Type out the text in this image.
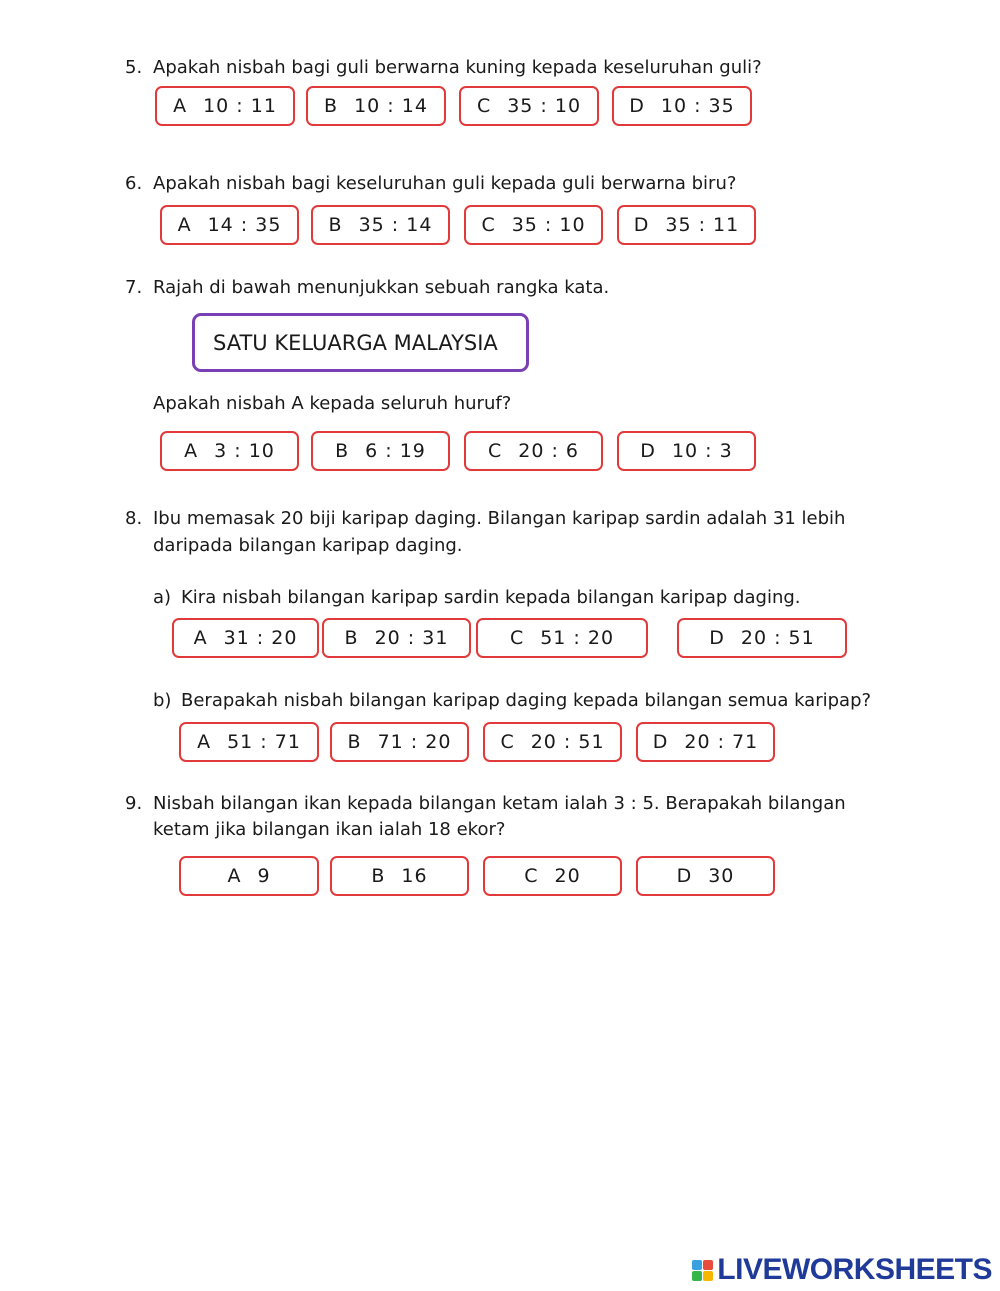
5. Apakah nisbah bagi guli berwarna kuning kepada keseluruhan guli?
A 10 : 11 B 10 : 14	C 35 : 10	D 10 : 35
6. Apakah nisbah bagi keseluruhan guli kepada guli berwarna biru?
A 14 : 35 B 35 : 14	C 35 : 10	D 35 : 11
7. Rajah di bawah menunjukkan sebuah rangka kata.
SATU KELUARGA MALAYSIA
Apakah nisbah A kepada seluruh huruf?
A 3 : 10	B 6 : 19	C 20 : 6	D 10 : 3
8. Ibu memasak 20 biji karipap daging. Bilangan karipap sardin adalah 31 lebih
daripada bilangan karipap daging.
a) Kira nisbah bilangan karipap sardin kepada bilangan karipap daging.
A 31 : 20 B 20 : 31	C 51 : 20	D 20 : 51
b) Berapakah nisbah bilangan karipap daging kepada bilangan semua karipap?
A 51 : 71 B 71 : 20	C 20 : 51	D 20 : 71
9. Nisbah bilangan ikan kepada bilangan ketam ialah 3 : 5. Berapakah bilangan
ketam jika bilangan ikan ialah 18 ekor?
A 9	B 16	C 20	D 30
LIVEWORKSHEETS
